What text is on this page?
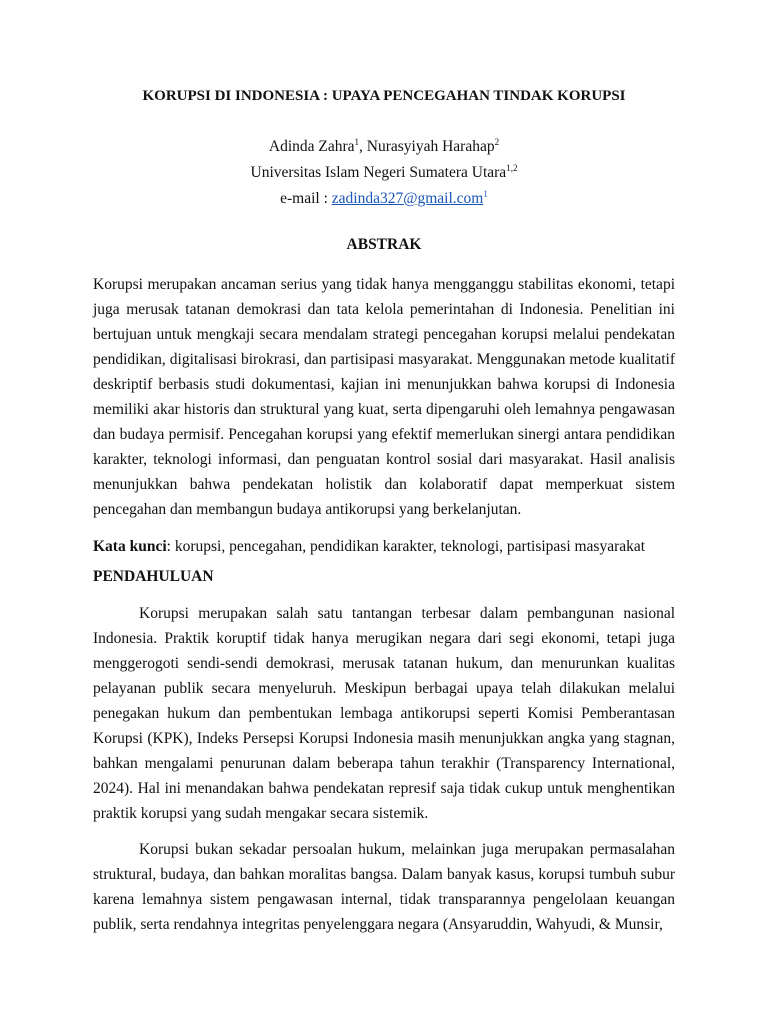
KORUPSI DI INDONESIA : UPAYA PENCEGAHAN TINDAK KORUPSI
Adinda Zahra$^1$, Nurasyiyah Harahap$^2$
Universitas Islam Negeri Sumatera Utara$^{1,2}$
e-mail : zadinda327@gmail.com$^1$
ABSTRAK
Korupsi merupakan ancaman serius yang tidak hanya mengganggu stabilitas ekonomi, tetapi juga merusak tatanan demokrasi dan tata kelola pemerintahan di Indonesia. Penelitian ini bertujuan untuk mengkaji secara mendalam strategi pencegahan korupsi melalui pendekatan pendidikan, digitalisasi birokrasi, dan partisipasi masyarakat. Menggunakan metode kualitatif deskriptif berbasis studi dokumentasi, kajian ini menunjukkan bahwa korupsi di Indonesia memiliki akar historis dan struktural yang kuat, serta dipengaruhi oleh lemahnya pengawasan dan budaya permisif. Pencegahan korupsi yang efektif memerlukan sinergi antara pendidikan karakter, teknologi informasi, dan penguatan kontrol sosial dari masyarakat. Hasil analisis menunjukkan bahwa pendekatan holistik dan kolaboratif dapat memperkuat sistem pencegahan dan membangun budaya antikorupsi yang berkelanjutan.
Kata kunci: korupsi, pencegahan, pendidikan karakter, teknologi, partisipasi masyarakat
PENDAHULUAN
Korupsi merupakan salah satu tantangan terbesar dalam pembangunan nasional Indonesia. Praktik koruptif tidak hanya merugikan negara dari segi ekonomi, tetapi juga menggerogoti sendi-sendi demokrasi, merusak tatanan hukum, dan menurunkan kualitas pelayanan publik secara menyeluruh. Meskipun berbagai upaya telah dilakukan melalui penegakan hukum dan pembentukan lembaga antikorupsi seperti Komisi Pemberantasan Korupsi (KPK), Indeks Persepsi Korupsi Indonesia masih menunjukkan angka yang stagnan, bahkan mengalami penurunan dalam beberapa tahun terakhir (Transparency International, 2024). Hal ini menandakan bahwa pendekatan represif saja tidak cukup untuk menghentikan praktik korupsi yang sudah mengakar secara sistemik.
Korupsi bukan sekadar persoalan hukum, melainkan juga merupakan permasalahan struktural, budaya, dan bahkan moralitas bangsa. Dalam banyak kasus, korupsi tumbuh subur karena lemahnya sistem pengawasan internal, tidak transparannya pengelolaan keuangan publik, serta rendahnya integritas penyelenggara negara (Ansyaruddin, Wahyudi, & Munsir,
